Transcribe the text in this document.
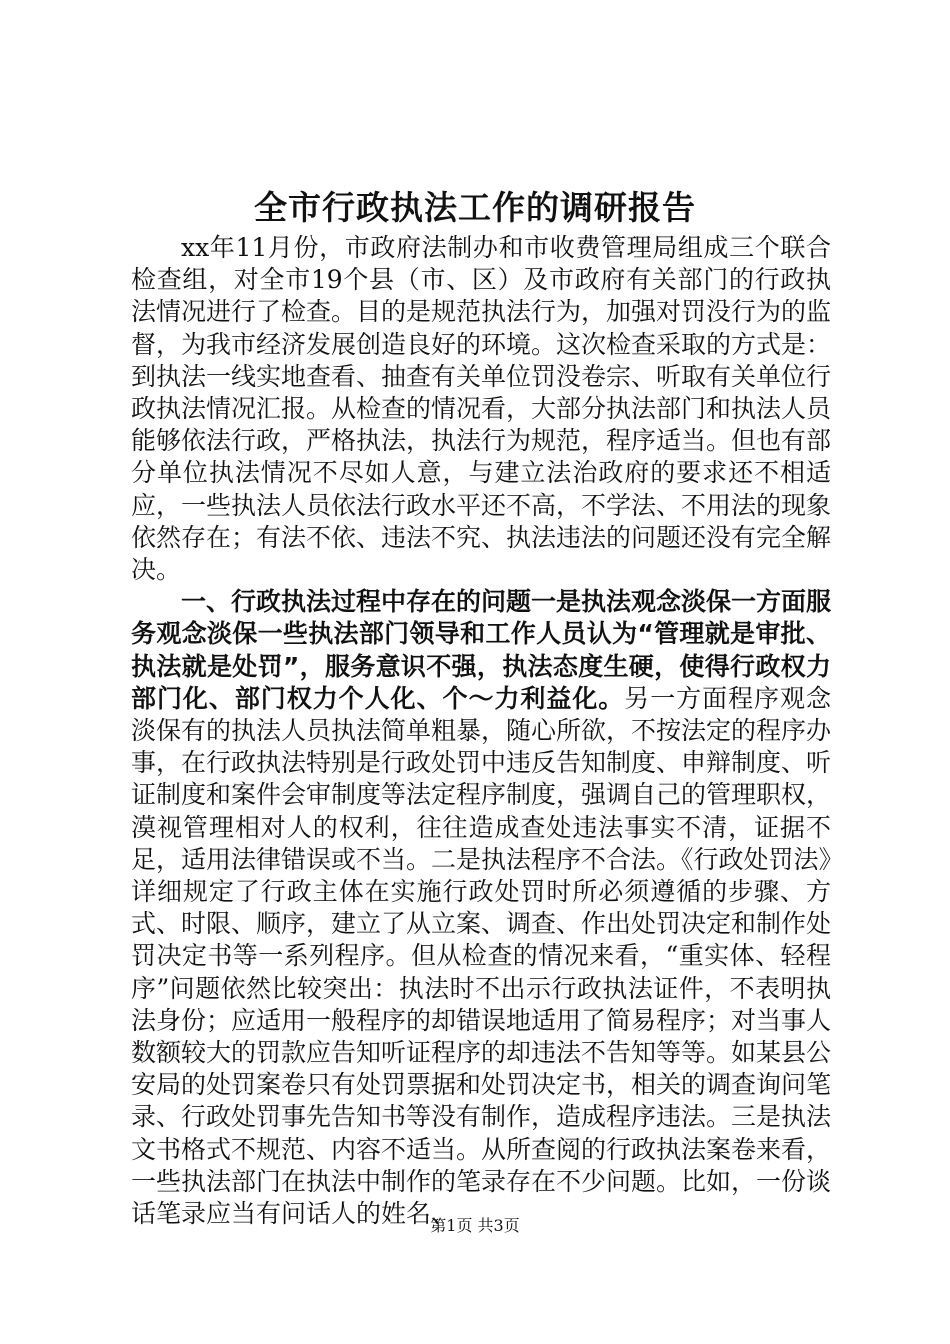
全市行政执法工作的调研报告

xx年11月份，市政府法制办和市收费管理局组成三个联合检查组，对全市19个县（市、区）及市政府有关部门的行政执法情况进行了检查。目的是规范执法行为，加强对罚没行为的监督，为我市经济发展创造良好的环境。这次检查采取的方式是：到执法一线实地查看、抽查有关单位罚没卷宗、听取有关单位行政执法情况汇报。从检查的情况看，大部分执法部门和执法人员能够依法行政，严格执法，执法行为规范，程序适当。但也有部分单位执法情况不尽如人意，与建立法治政府的要求还不相适应，一些执法人员依法行政水平还不高，不学法、不用法的现象依然存在；有法不依、违法不究、执法违法的问题还没有完全解决。

一、行政执法过程中存在的问题一是执法观念淡保一方面服务观念淡保一些执法部门领导和工作人员认为“管理就是审批、执法就是处罚”，服务意识不强，执法态度生硬，使得行政权力部门化、部门权力个人化、个～力利益化。另一方面程序观念淡保有的执法人员执法简单粗暴，随心所欲，不按法定的程序办事，在行政执法特别是行政处罚中违反告知制度、申辩制度、听证制度和案件会审制度等法定程序制度，强调自己的管理职权，漠视管理相对人的权利，往往造成查处违法事实不清，证据不足，适用法律错误或不当。二是执法程序不合法。《行政处罚法》详细规定了行政主体在实施行政处罚时所必须遵循的步骤、方式、时限、顺序，建立了从立案、调查、作出处罚决定和制作处罚决定书等一系列程序。但从检查的情况来看，“重实体、轻程序”问题依然比较突出：执法时不出示行政执法证件，不表明执法身份；应适用一般程序的却错误地适用了简易程序；对当事人数额较大的罚款应告知听证程序的却违法不告知等等。如某县公安局的处罚案卷只有处罚票据和处罚决定书，相关的调查询问笔录、行政处罚事先告知书等没有制作，造成程序违法。三是执法文书格式不规范、内容不适当。从所查阅的行政执法案卷来看，一些执法部门在执法中制作的笔录存在不少问题。比如，一份谈话笔录应当有问话人的姓名、

第1页 共3页
